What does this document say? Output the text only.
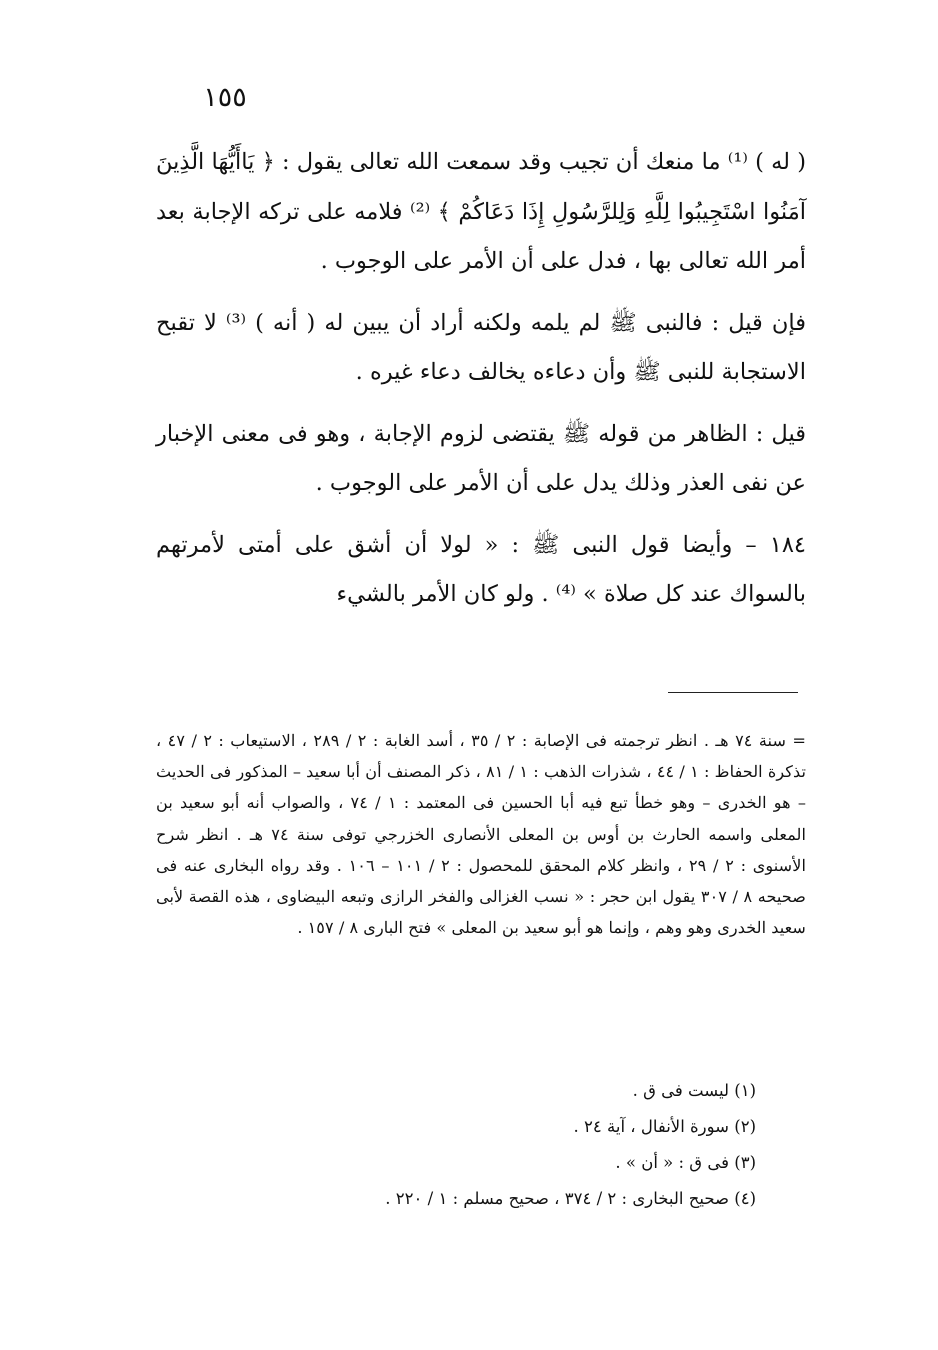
١٥٥

( له ) ⁽¹⁾ ما منعك أن تجيب وقد سمعت الله تعالى يقول : ﴿ يَاأَيُّهَا الَّذِينَ آمَنُوا اسْتَجِيبُوا لِلَّهِ وَلِلرَّسُولِ إِذَا دَعَاكُمْ ﴾ ⁽²⁾ فلامه على تركه الإجابة بعد أمر الله تعالى بها ، فدل على أن الأمر على الوجوب .

فإن قيل : فالنبى ﷺ لم يلمه ولكنه أراد أن يبين له ( أنه ) ⁽³⁾ لا تقبح الاستجابة للنبى ﷺ وأن دعاءه يخالف دعاء غيره .

قيل : الظاهر من قوله ﷺ يقتضى لزوم الإجابة ، وهو فى معنى الإخبار عن نفى العذر وذلك يدل على أن الأمر على الوجوب .

١٨٤ – وأيضا قول النبى ﷺ : « لولا أن أشق على أمتى لأمرتهم بالسواك عند كل صلاة » ⁽⁴⁾ . ولو كان الأمر بالشيء

= سنة ٧٤ هـ . انظر ترجمته فى الإصابة : ٢ / ٣٥ ، أسد الغابة : ٢ / ٢٨٩ ، الاستيعاب : ٢ / ٤٧ ، تذكرة الحفاظ : ١ / ٤٤ ، شذرات الذهب : ١ / ٨١ ، ذكر المصنف أن أبا سعيد – المذكور فى الحديث – هو الخدرى – وهو خطأ تبع فيه أبا الحسين فى المعتمد : ١ / ٧٤ ، والصواب أنه أبو سعيد بن المعلى واسمه الحارث بن أوس بن المعلى الأنصارى الخزرجي توفى سنة ٧٤ هـ . انظر شرح الأسنوى : ٢ / ٢٩ ، وانظر كلام المحقق للمحصول : ٢ / ١٠١ – ١٠٦ . وقد رواه البخارى عنه فى صحيحه ٨ / ٣٠٧ يقول ابن حجر : « نسب الغزالى والفخر الرازى وتبعه البيضاوى ، هذه القصة لأبى سعيد الخدرى وهو وهم ، وإنما هو أبو سعيد بن المعلى » فتح البارى ٨ / ١٥٧ .

(١) ليست فى ق .
(٢) سورة الأنفال ، آية ٢٤ .
(٣) فى ق : « أن » .
(٤) صحيح البخارى : ٢ / ٣٧٤ ، صحيح مسلم : ١ / ٢٢٠ .
